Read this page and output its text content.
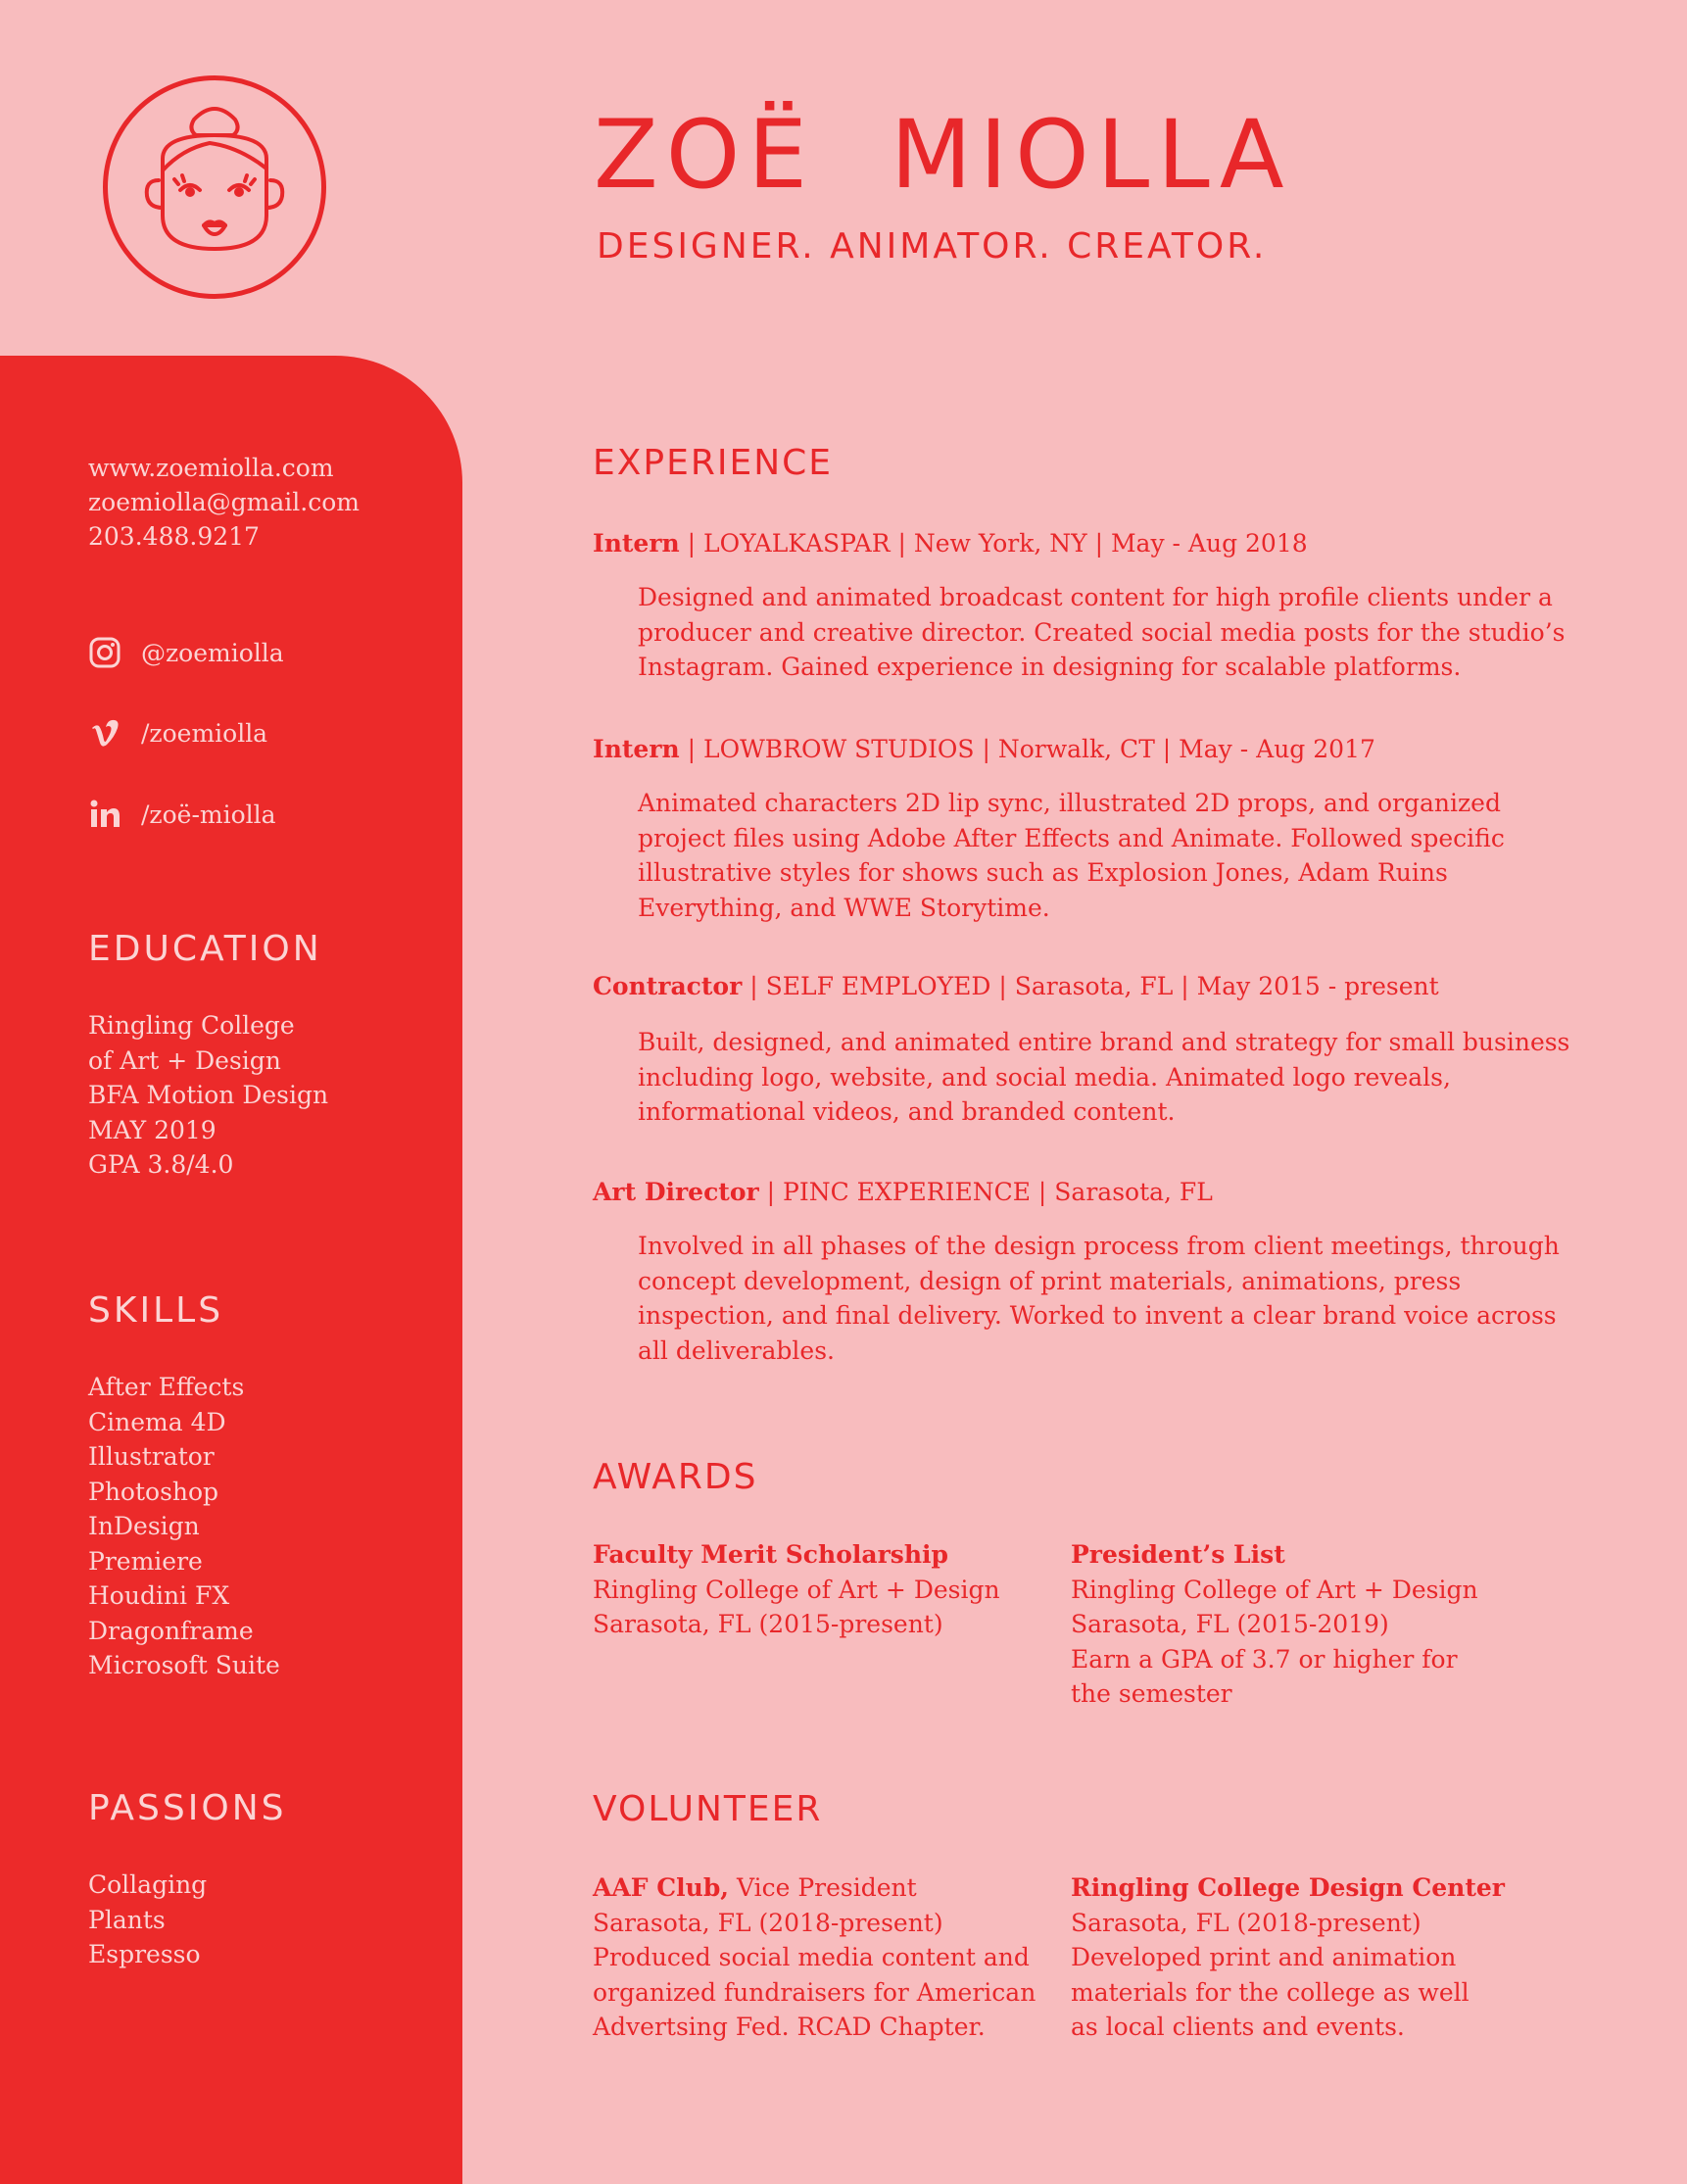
ZOË  MIOLLA
DESIGNER. ANIMATOR. CREATOR.
www.zoemiolla.com
zoemiolla@gmail.com
203.488.9217
@zoemiolla
/zoemiolla
/zoë-miolla
EDUCATION
Ringling College
of Art + Design
BFA Motion Design
MAY 2019
GPA 3.8/4.0
SKILLS
After Effects
Cinema 4D
Illustrator
Photoshop
InDesign
Premiere
Houdini FX
Dragonframe
Microsoft Suite
PASSIONS
Collaging
Plants
Espresso
EXPERIENCE
Intern | LOYALKASPAR | New York, NY | May - Aug 2018
Designed and animated broadcast content for high profile clients under a producer and creative director. Created social media posts for the studio’s Instagram. Gained experience in designing for scalable platforms.
Intern | LOWBROW STUDIOS | Norwalk, CT | May - Aug 2017
Animated characters 2D lip sync, illustrated 2D props, and organized project files using Adobe After Effects and Animate. Followed specific illustrative styles for shows such as Explosion Jones, Adam Ruins Everything, and WWE Storytime.
Contractor | SELF EMPLOYED | Sarasota, FL | May 2015 - present
Built, designed, and animated entire brand and strategy for small business including logo, website, and social media. Animated logo reveals, informational videos, and branded content.
Art Director | PINC EXPERIENCE | Sarasota, FL
Involved in all phases of the design process from client meetings, through concept development, design of print materials, animations, press inspection, and final delivery. Worked to invent a clear brand voice across all deliverables.
AWARDS
Faculty Merit Scholarship
Ringling College of Art + Design
Sarasota, FL (2015-present)
President’s List
Ringling College of Art + Design
Sarasota, FL (2015-2019)
Earn a GPA of 3.7 or higher for
the semester
VOLUNTEER
AAF Club, Vice President
Sarasota, FL (2018-present)
Produced social media content and
organized fundraisers for American
Advertsing Fed. RCAD Chapter.
Ringling College Design Center
Sarasota, FL (2018-present)
Developed print and animation
materials for the college as well
as local clients and events.
